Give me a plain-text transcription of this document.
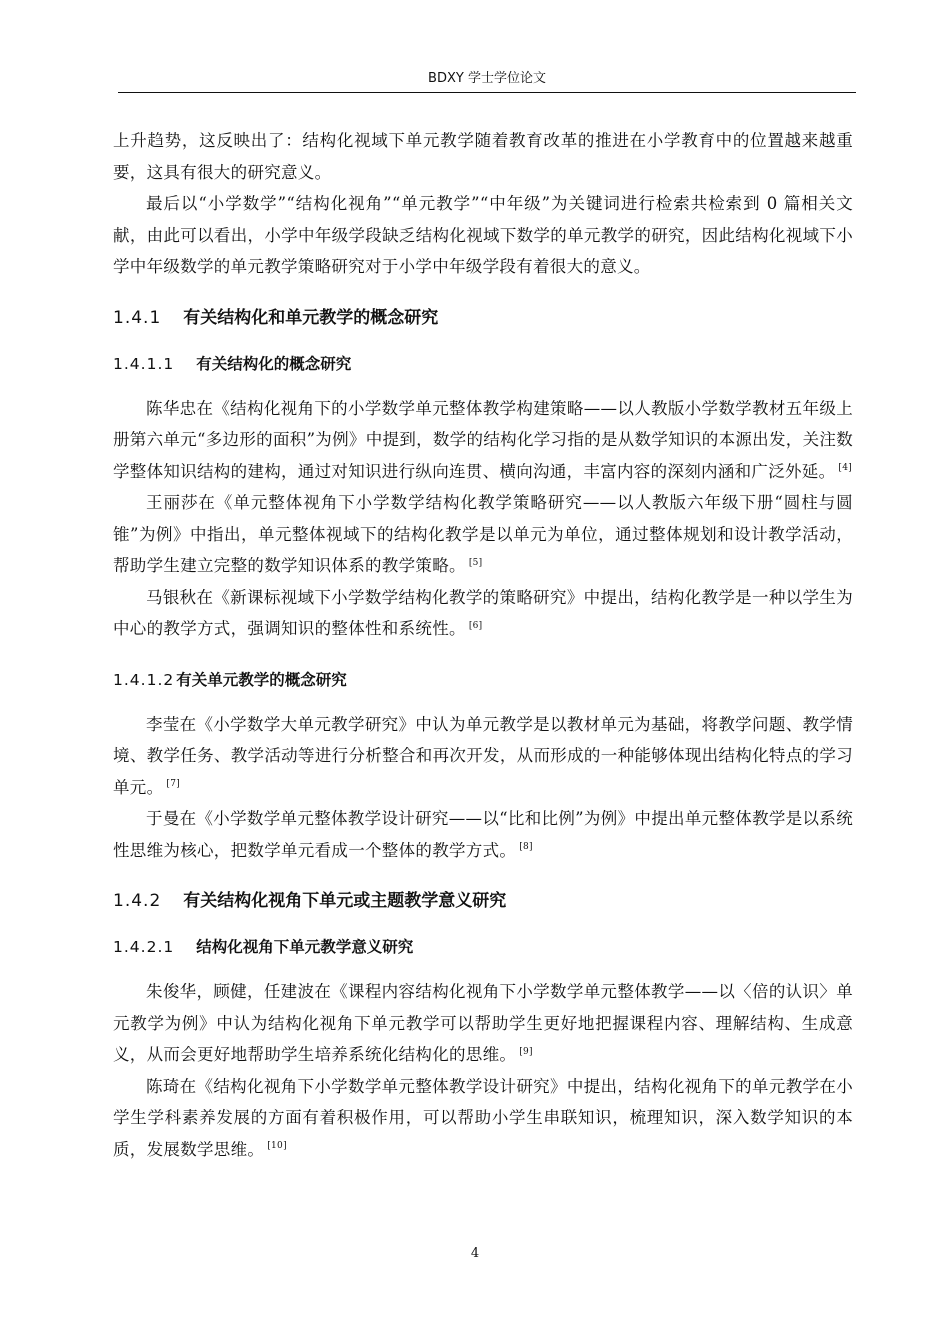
BDXY 学士学位论文

上升趋势，这反映出了：结构化视域下单元教学随着教育改革的推进在小学教育中的位置越来越重要，这具有很大的研究意义。

最后以“小学数学”“结构化视角”“单元教学”“中年级”为关键词进行检索共检索到 0 篇相关文献，由此可以看出，小学中年级学段缺乏结构化视域下数学的单元教学的研究，因此结构化视域下小学中年级数学的单元教学策略研究对于小学中年级学段有着很大的意义。

1.4.1 有关结构化和单元教学的概念研究
1.4.1.1 有关结构化的概念研究

陈华忠在《结构化视角下的小学数学单元整体教学构建策略——以人教版小学数学教材五年级上册第六单元“多边形的面积”为例》中提到，数学的结构化学习指的是从数学知识的本源出发，关注数学整体知识结构的建构，通过对知识进行纵向连贯、横向沟通，丰富内容的深刻内涵和广泛外延。 [4]

王丽莎在《单元整体视角下小学数学结构化教学策略研究——以人教版六年级下册“圆柱与圆锥”为例》中指出，单元整体视域下的结构化教学是以单元为单位，通过整体规划和设计教学活动，帮助学生建立完整的数学知识体系的教学策略。 [5]

马银秋在《新课标视域下小学数学结构化教学的策略研究》中提出，结构化教学是一种以学生为中心的教学方式，强调知识的整体性和系统性。 [6]

1.4.1.2 有关单元教学的概念研究

李莹在《小学数学大单元教学研究》中认为单元教学是以教材单元为基础，将教学问题、教学情境、教学任务、教学活动等进行分析整合和再次开发，从而形成的一种能够体现出结构化特点的学习单元。 [7]

于曼在《小学数学单元整体教学设计研究——以“比和比例”为例》中提出单元整体教学是以系统性思维为核心，把数学单元看成一个整体的教学方式。 [8]

1.4.2 有关结构化视角下单元或主题教学意义研究
1.4.2.1 结构化视角下单元教学意义研究

朱俊华，顾健，任建波在《课程内容结构化视角下小学数学单元整体教学——以〈倍的认识〉单元教学为例》中认为结构化视角下单元教学可以帮助学生更好地把握课程内容、理解结构、生成意义，从而会更好地帮助学生培养系统化结构化的思维。 [9]

陈琦在《结构化视角下小学数学单元整体教学设计研究》中提出，结构化视角下的单元教学在小学生学科素养发展的方面有着积极作用，可以帮助小学生串联知识，梳理知识，深入数学知识的本质，发展数学思维。 [10]

4
